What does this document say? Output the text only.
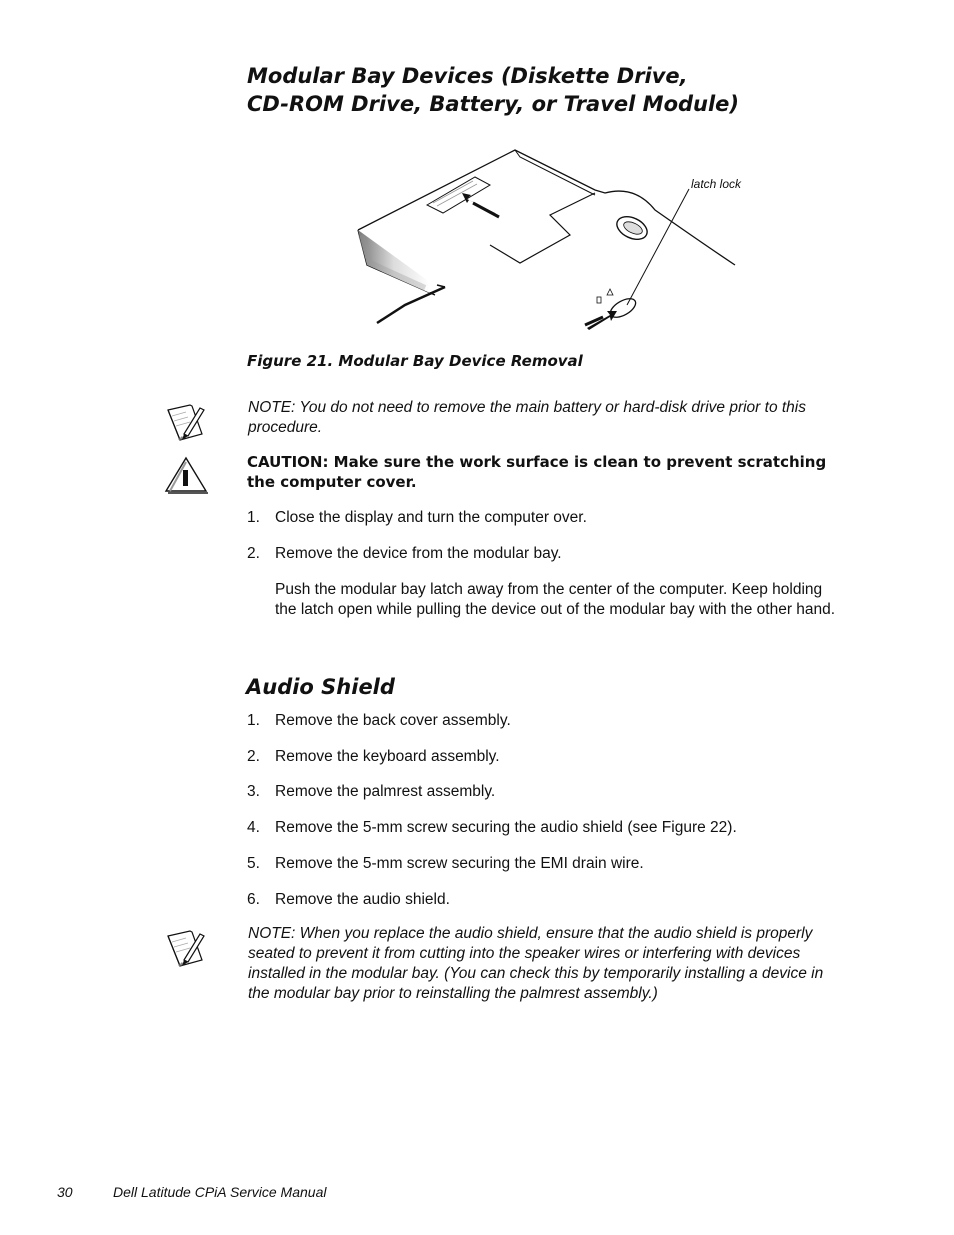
Modular Bay Devices (Diskette Drive,
CD-ROM Drive, Battery, or Travel Module)
latch lock
Figure 21. Modular Bay Device Removal
NOTE: You do not need to remove the main battery or hard-disk drive prior to this procedure.
CAUTION: Make sure the work surface is clean to prevent scratching the computer cover.
1. Close the display and turn the computer over.
2. Remove the device from the modular bay.
Push the modular bay latch away from the center of the computer. Keep holding the latch open while pulling the device out of the modular bay with the other hand.
Audio Shield
1. Remove the back cover assembly.
2. Remove the keyboard assembly.
3. Remove the palmrest assembly.
4. Remove the 5-mm screw securing the audio shield (see Figure 22).
5. Remove the 5-mm screw securing the EMI drain wire.
6. Remove the audio shield.
NOTE: When you replace the audio shield, ensure that the audio shield is properly seated to prevent it from cutting into the speaker wires or interfering with devices installed in the modular bay. (You can check this by temporarily installing a device in the modular bay prior to reinstalling the palmrest assembly.)
30	Dell Latitude CPiA Service Manual
